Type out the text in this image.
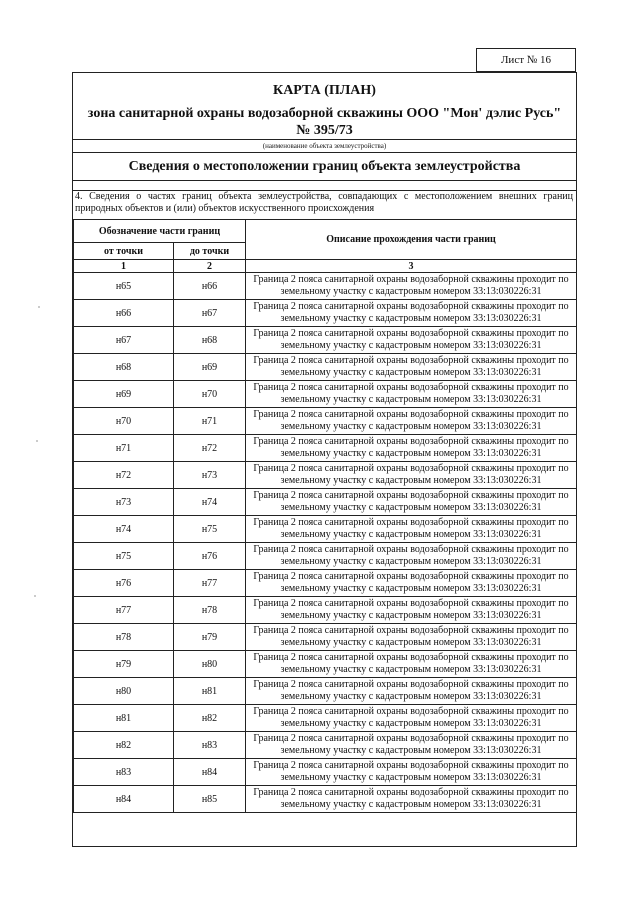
Лист № 16
КАРТА (ПЛАН)
зона санитарной охраны водозаборной скважины ООО "Мон' дэлис Русь" № 395/73
(наименование объекта землеустройства)
Сведения о местоположении границ объекта землеустройства
4. Сведения о частях границ объекта землеустройства, совпадающих с местоположением внешних границ природных объектов и (или) объектов искусственного происхождения
Обозначение части границ		Описание прохождения части границ
от точки	до точки	
1	2	3
н65	н66	Граница 2 пояса санитарной охраны водозаборной скважины проходит по земельному участку с кадастровым номером 33:13:030226:31
н66	н67	Граница 2 пояса санитарной охраны водозаборной скважины проходит по земельному участку с кадастровым номером 33:13:030226:31
н67	н68	Граница 2 пояса санитарной охраны водозаборной скважины проходит по земельному участку с кадастровым номером 33:13:030226:31
н68	н69	Граница 2 пояса санитарной охраны водозаборной скважины проходит по земельному участку с кадастровым номером 33:13:030226:31
н69	н70	Граница 2 пояса санитарной охраны водозаборной скважины проходит по земельному участку с кадастровым номером 33:13:030226:31
н70	н71	Граница 2 пояса санитарной охраны водозаборной скважины проходит по земельному участку с кадастровым номером 33:13:030226:31
н71	н72	Граница 2 пояса санитарной охраны водозаборной скважины проходит по земельному участку с кадастровым номером 33:13:030226:31
н72	н73	Граница 2 пояса санитарной охраны водозаборной скважины проходит по земельному участку с кадастровым номером 33:13:030226:31
н73	н74	Граница 2 пояса санитарной охраны водозаборной скважины проходит по земельному участку с кадастровым номером 33:13:030226:31
н74	н75	Граница 2 пояса санитарной охраны водозаборной скважины проходит по земельному участку с кадастровым номером 33:13:030226:31
н75	н76	Граница 2 пояса санитарной охраны водозаборной скважины проходит по земельному участку с кадастровым номером 33:13:030226:31
н76	н77	Граница 2 пояса санитарной охраны водозаборной скважины проходит по земельному участку с кадастровым номером 33:13:030226:31
н77	н78	Граница 2 пояса санитарной охраны водозаборной скважины проходит по земельному участку с кадастровым номером 33:13:030226:31
н78	н79	Граница 2 пояса санитарной охраны водозаборной скважины проходит по земельному участку с кадастровым номером 33:13:030226:31
н79	н80	Граница 2 пояса санитарной охраны водозаборной скважины проходит по земельному участку с кадастровым номером 33:13:030226:31
н80	н81	Граница 2 пояса санитарной охраны водозаборной скважины проходит по земельному участку с кадастровым номером 33:13:030226:31
н81	н82	Граница 2 пояса санитарной охраны водозаборной скважины проходит по земельному участку с кадастровым номером 33:13:030226:31
н82	н83	Граница 2 пояса санитарной охраны водозаборной скважины проходит по земельному участку с кадастровым номером 33:13:030226:31
н83	н84	Граница 2 пояса санитарной охраны водозаборной скважины проходит по земельному участку с кадастровым номером 33:13:030226:31
н84	н85	Граница 2 пояса санитарной охраны водозаборной скважины проходит по земельному участку с кадастровым номером 33:13:030226:31
